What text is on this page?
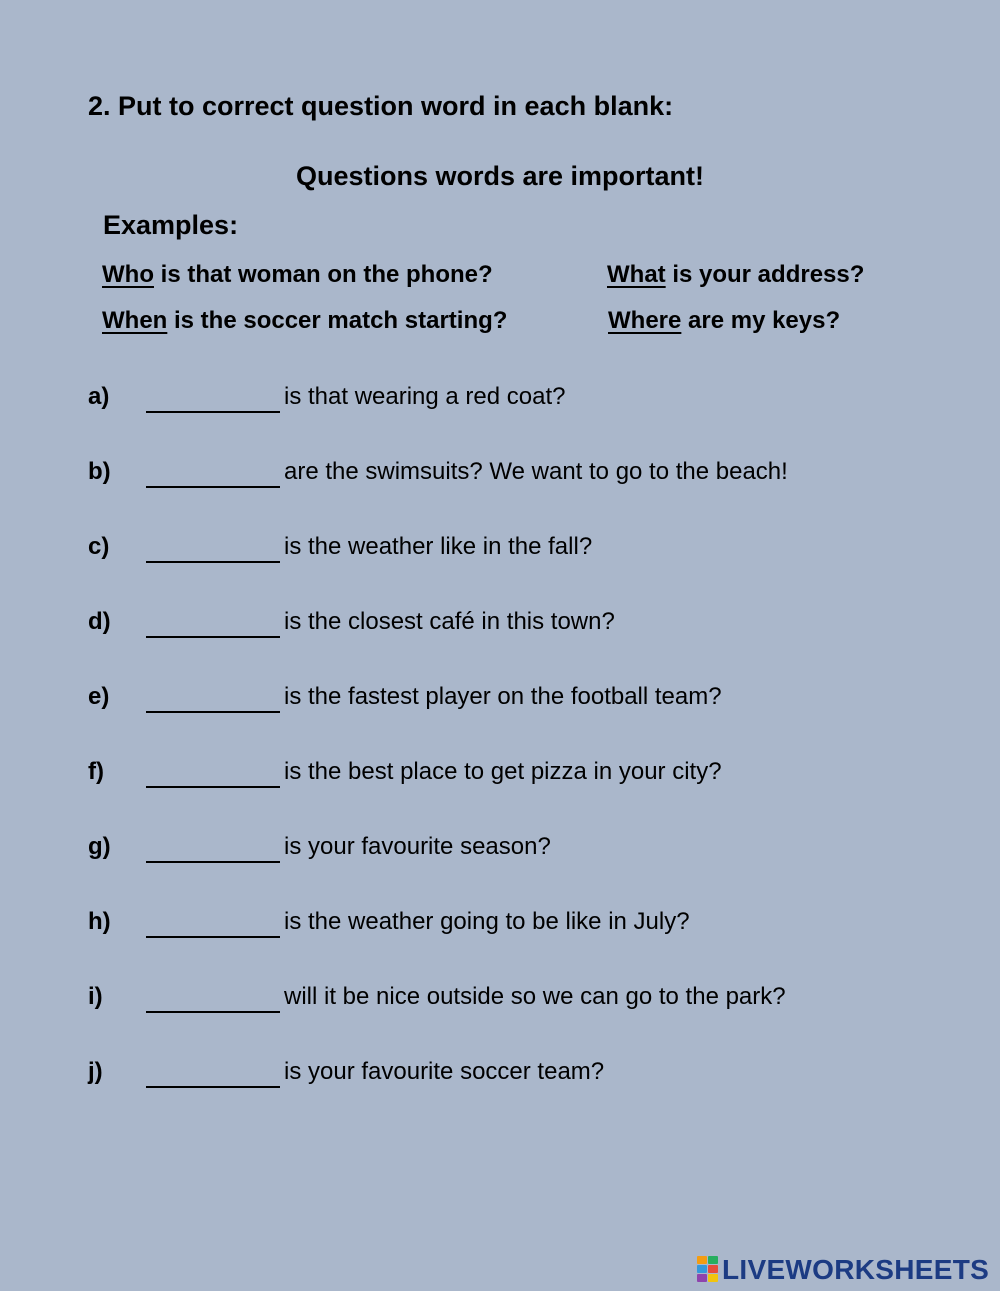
2. Put to correct question word in each blank:
Questions words are important!
Examples:
Who is that woman on the phone?	What is your address?
When is the soccer match starting?	Where are my keys?
a)	is that wearing a red coat?
b)	are the swimsuits? We want to go to the beach!
c)	is the weather like in the fall?
d)	is the closest café in this town?
e)	is the fastest player on the football team?
f)	is the best place to get pizza in your city?
g)	is your favourite season?
h)	is the weather going to be like in July?
i)	will it be nice outside so we can go to the park?
j)	is your favourite soccer team?
LIVEWORKSHEETS
